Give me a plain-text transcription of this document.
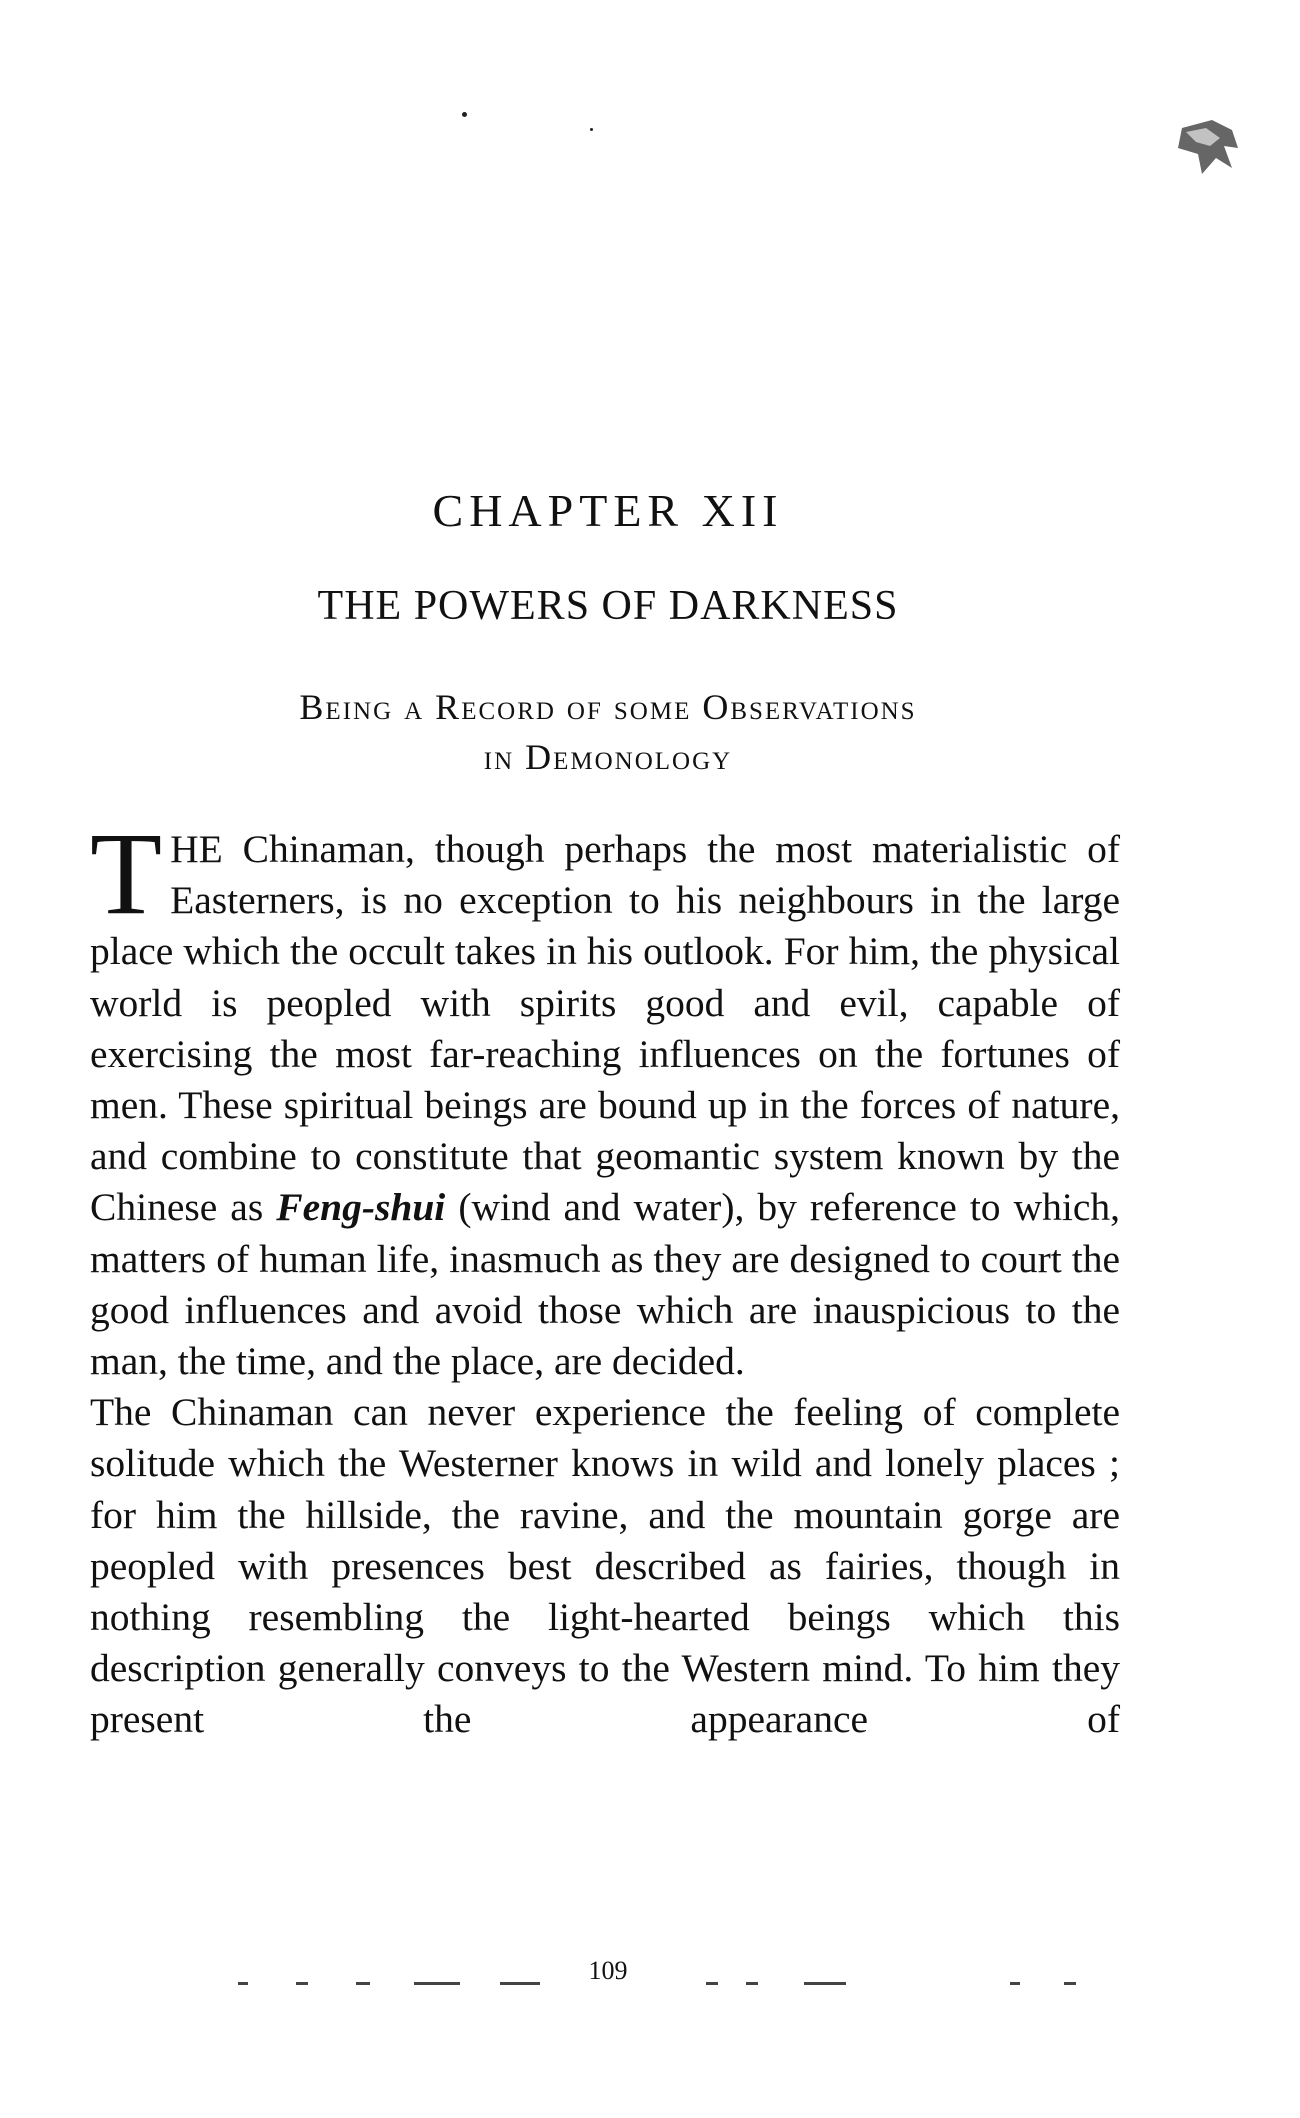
CHAPTER XII
THE POWERS OF DARKNESS
Being a Record of some Observations
in Demonology

THE Chinaman, though perhaps the most materialistic of Easterners, is no exception to his neighbours in the large place which the occult takes in his outlook. For him, the physical world is peopled with spirits good and evil, capable of exercising the most far-reaching influences on the fortunes of men. These spiritual beings are bound up in the forces of nature, and combine to constitute that geomantic system known by the Chinese as Feng-shui (wind and water), by reference to which, matters of human life, inasmuch as they are designed to court the good influences and avoid those which are inauspicious to the man, the time, and the place, are decided.

The Chinaman can never experience the feeling of complete solitude which the Westerner knows in wild and lonely places ; for him the hillside, the ravine, and the mountain gorge are peopled with presences best described as fairies, though in nothing resembling the light-hearted beings which this description generally conveys to the Western mind. To him they present the appearance of

109
